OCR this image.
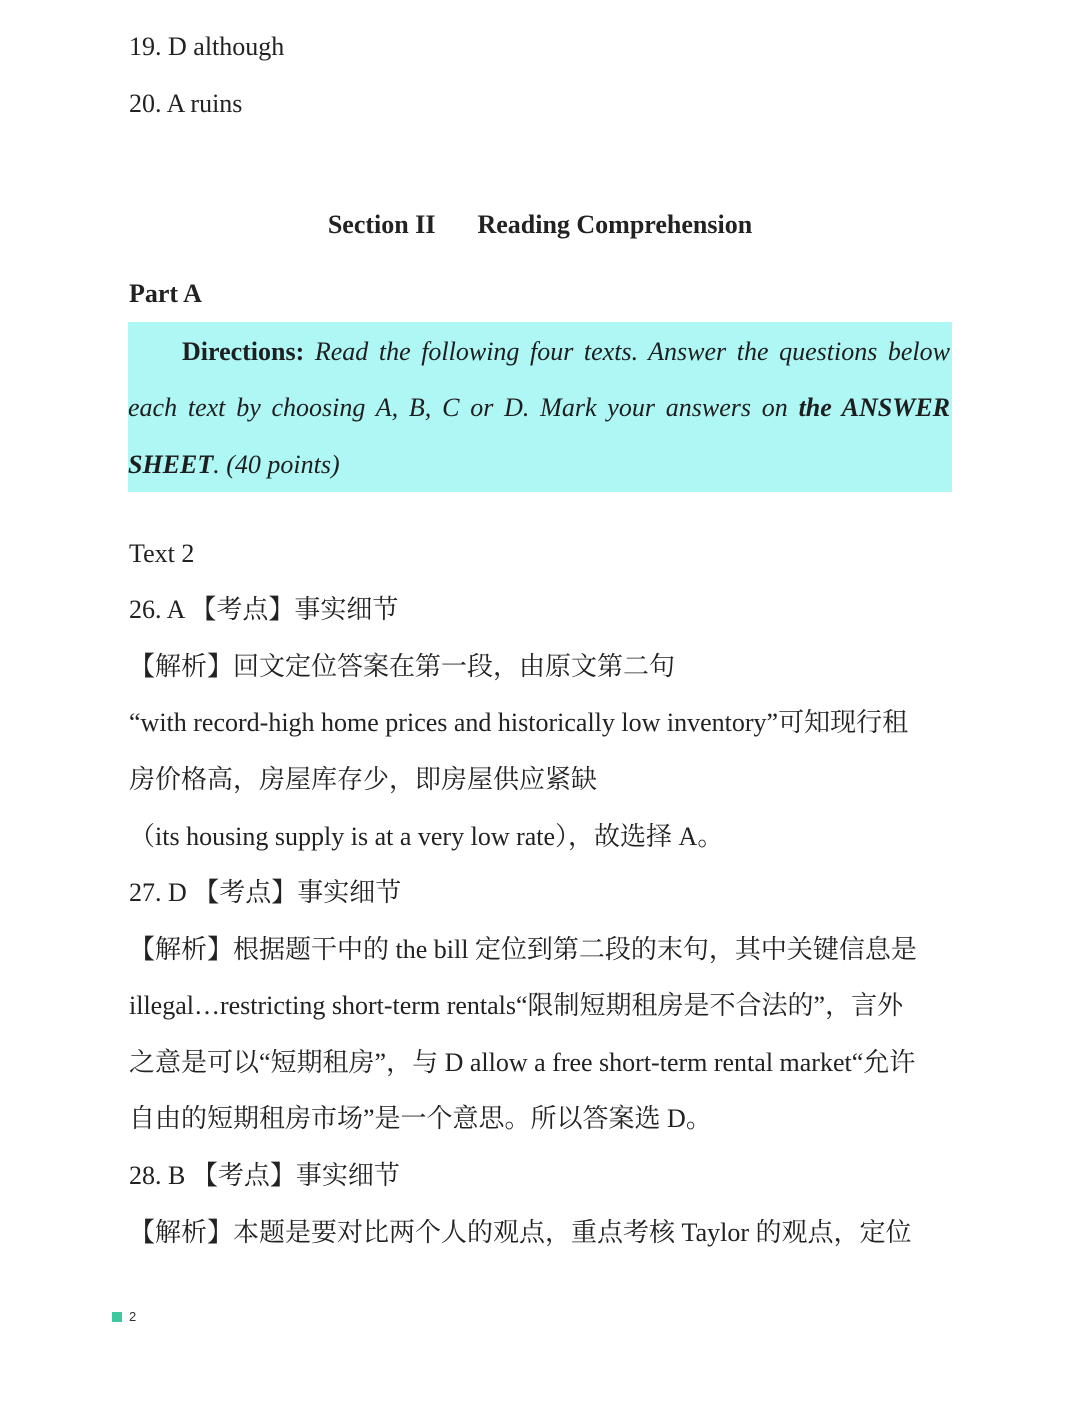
19. D although
20. A ruins
Section II Reading Comprehension
Part A
Directions: Read the following four texts. Answer the questions below
each text by choosing A, B, C or D. Mark your answers on the ANSWER
SHEET. (40 points)
Text 2
26. A 【考点】事实细节
【解析】回文定位答案在第一段，由原文第二句
“with record-high home prices and historically low inventory”可知现行租
房价格高，房屋库存少，即房屋供应紧缺
（its housing supply is at a very low rate），故选择 A。
27. D 【考点】事实细节
【解析】根据题干中的 the bill 定位到第二段的末句，其中关键信息是
illegal…restricting short-term rentals“限制短期租房是不合法的”，言外
之意是可以“短期租房”，与 D allow a free short-term rental market“允许
自由的短期租房市场”是一个意思。所以答案选 D。
28. B 【考点】事实细节
【解析】本题是要对比两个人的观点，重点考核 Taylor 的观点，定位
2
